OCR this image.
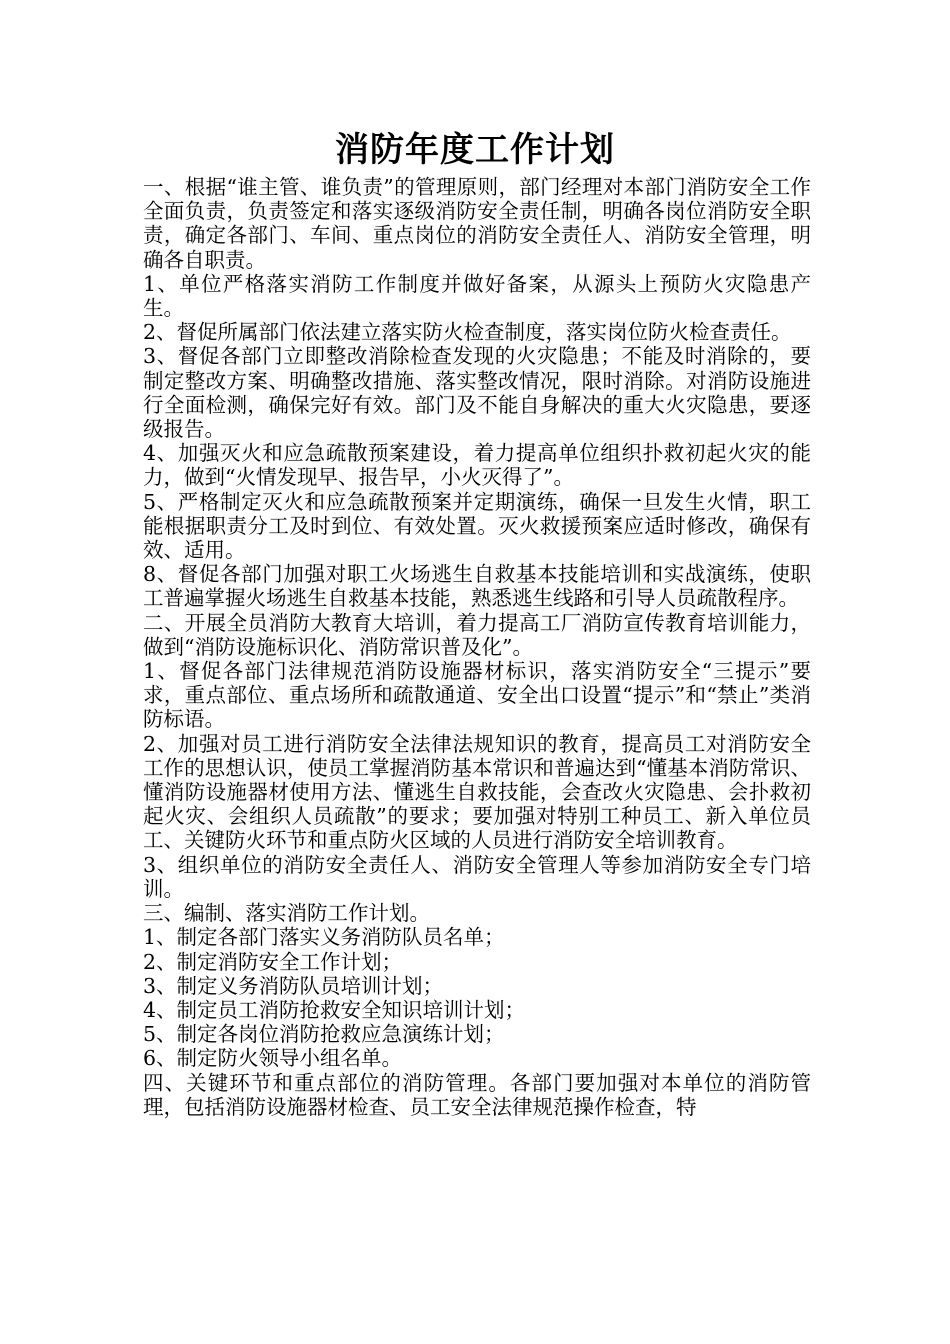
消防年度工作计划

一、根据“谁主管、谁负责”的管理原则，部门经理对本部门消防安全工作全面负责，负责签定和落实逐级消防安全责任制，明确各岗位消防安全职责，确定各部门、车间、重点岗位的消防安全责任人、消防安全管理，明确各自职责。

1、单位严格落实消防工作制度并做好备案，从源头上预防火灾隐患产生。

2、督促所属部门依法建立落实防火检查制度，落实岗位防火检查责任。

3、督促各部门立即整改消除检查发现的火灾隐患；不能及时消除的，要制定整改方案、明确整改措施、落实整改情况，限时消除。对消防设施进行全面检测，确保完好有效。部门及不能自身解决的重大火灾隐患，要逐级报告。

4、加强灭火和应急疏散预案建设，着力提高单位组织扑救初起火灾的能力，做到“火情发现早、报告早，小火灭得了”。

5、严格制定灭火和应急疏散预案并定期演练，确保一旦发生火情，职工能根据职责分工及时到位、有效处置。灭火救援预案应适时修改，确保有效、适用。

8、督促各部门加强对职工火场逃生自救基本技能培训和实战演练，使职工普遍掌握火场逃生自救基本技能，熟悉逃生线路和引导人员疏散程序。

二、开展全员消防大教育大培训，着力提高工厂消防宣传教育培训能力，做到“消防设施标识化、消防常识普及化”。

1、督促各部门法律规范消防设施器材标识，落实消防安全“三提示”要求，重点部位、重点场所和疏散通道、安全出口设置“提示”和“禁止”类消防标语。

2、加强对员工进行消防安全法律法规知识的教育，提高员工对消防安全工作的思想认识，使员工掌握消防基本常识和普遍达到“懂基本消防常识、懂消防设施器材使用方法、懂逃生自救技能，会查改火灾隐患、会扑救初起火灾、会组织人员疏散”的要求；要加强对特别工种员工、新入单位员工、关键防火环节和重点防火区域的人员进行消防安全培训教育。

3、组织单位的消防安全责任人、消防安全管理人等参加消防安全专门培训。

三、编制、落实消防工作计划。

1、制定各部门落实义务消防队员名单；

2、制定消防安全工作计划；

3、制定义务消防队员培训计划；

4、制定员工消防抢救安全知识培训计划；

5、制定各岗位消防抢救应急演练计划；

6、制定防火领导小组名单。

四、关键环节和重点部位的消防管理。各部门要加强对本单位的消防管理，包括消防设施器材检查、员工安全法律规范操作检查，特
